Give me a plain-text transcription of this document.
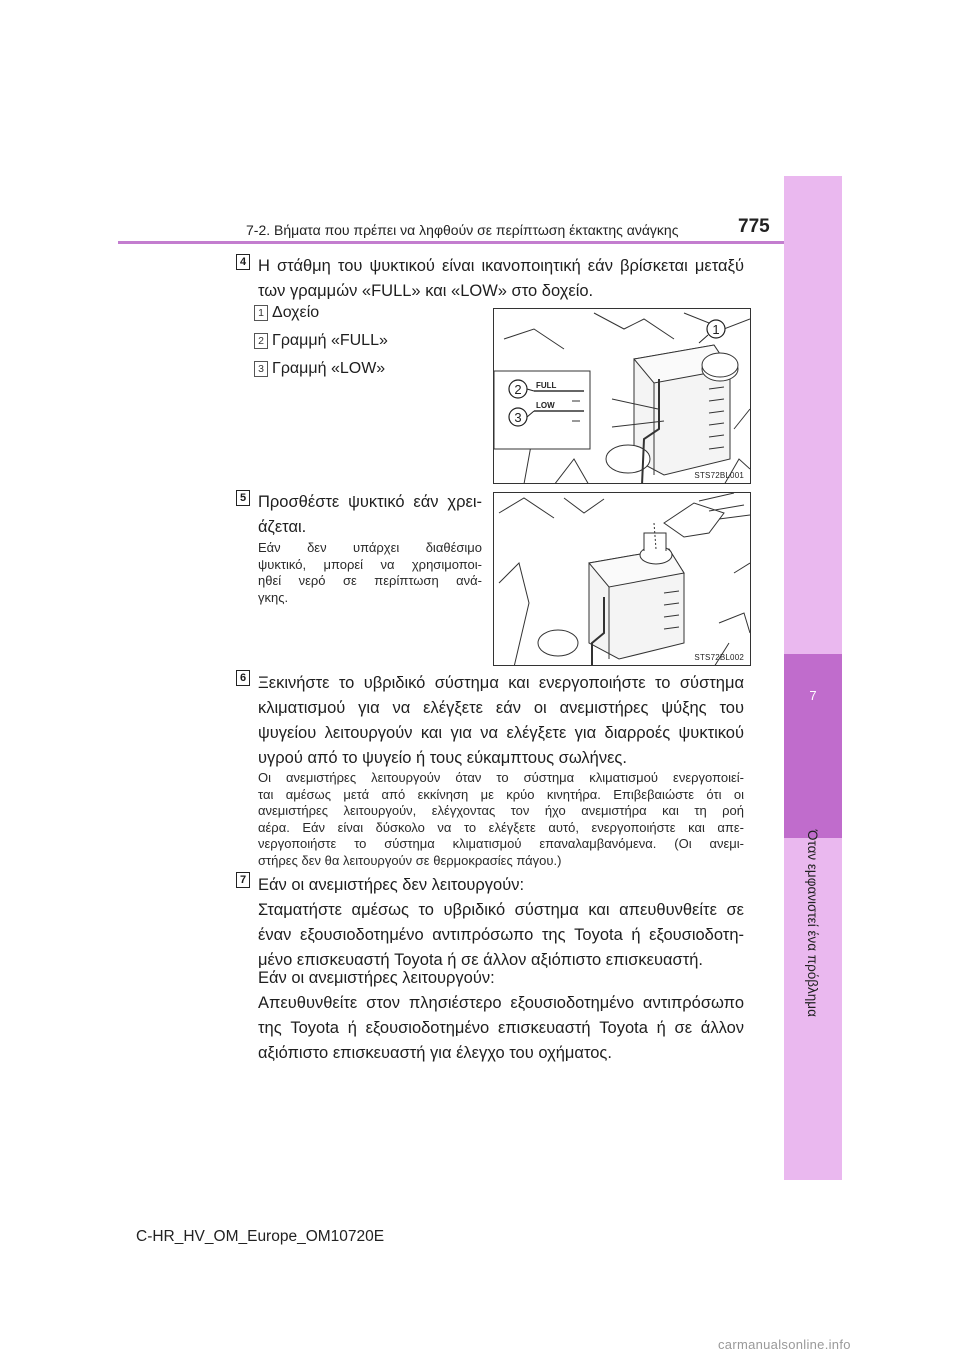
7
Όταν εμφανιστεί ένα πρόβλημα
7-2. Βήματα που πρέπει να ληφθούν σε περίπτωση έκτακτης ανάγκης	775
4 Η στάθμη του ψυκτικού είναι ικανοποιητική εάν βρίσκεται μεταξύ
των γραμμών «FULL» και «LOW» στο δοχείο.
1 Δοχείο
2 Γραμμή «FULL»
3 Γραμμή «LOW»
FULL
LOW
2
3
1
STS72BL001
5 Προσθέστε ψυκτικό εάν χρει-
άζεται.
Εάν δεν υπάρχει διαθέσιμο
ψυκτικό, μπορεί να χρησιμοποι-
ηθεί νερό σε περίπτωση ανά-
γκης.
STS72BL002
6 Ξεκινήστε το υβριδικό σύστημα και ενεργοποιήστε το σύστημα
κλιματισμού για να ελέγξετε εάν οι ανεμιστήρες ψύξης του
ψυγείου λειτουργούν και για να ελέγξετε για διαρροές ψυκτικού
υγρού από το ψυγείο ή τους εύκαμπτους σωλήνες.
Οι ανεμιστήρες λειτουργούν όταν το σύστημα κλιματισμού ενεργοποιεί-
ται αμέσως μετά από εκκίνηση με κρύο κινητήρα. Επιβεβαιώστε ότι οι
ανεμιστήρες λειτουργούν, ελέγχοντας τον ήχο ανεμιστήρα και τη ροή
αέρα. Εάν είναι δύσκολο να το ελέγξετε αυτό, ενεργοποιήστε και απε-
νεργοποιήστε το σύστημα κλιματισμού επαναλαμβανόμενα. (Οι ανεμι-
στήρες δεν θα λειτουργούν σε θερμοκρασίες πάγου.)
7 Εάν οι ανεμιστήρες δεν λειτουργούν:
Σταματήστε αμέσως το υβριδικό σύστημα και απευθυνθείτε σε
έναν εξουσιοδοτημένο αντιπρόσωπο της Toyota ή εξουσιοδοτη-
μένο επισκευαστή Toyota ή σε άλλον αξιόπιστο επισκευαστή.
Εάν οι ανεμιστήρες λειτουργούν:
Απευθυνθείτε στον πλησιέστερο εξουσιοδοτημένο αντιπρόσωπο
της Toyota ή εξουσιοδοτημένο επισκευαστή Toyota ή σε άλλον
αξιόπιστο επισκευαστή για έλεγχο του οχήματος.
C-HR_HV_OM_Europe_OM10720E
carmanualsonline.info
